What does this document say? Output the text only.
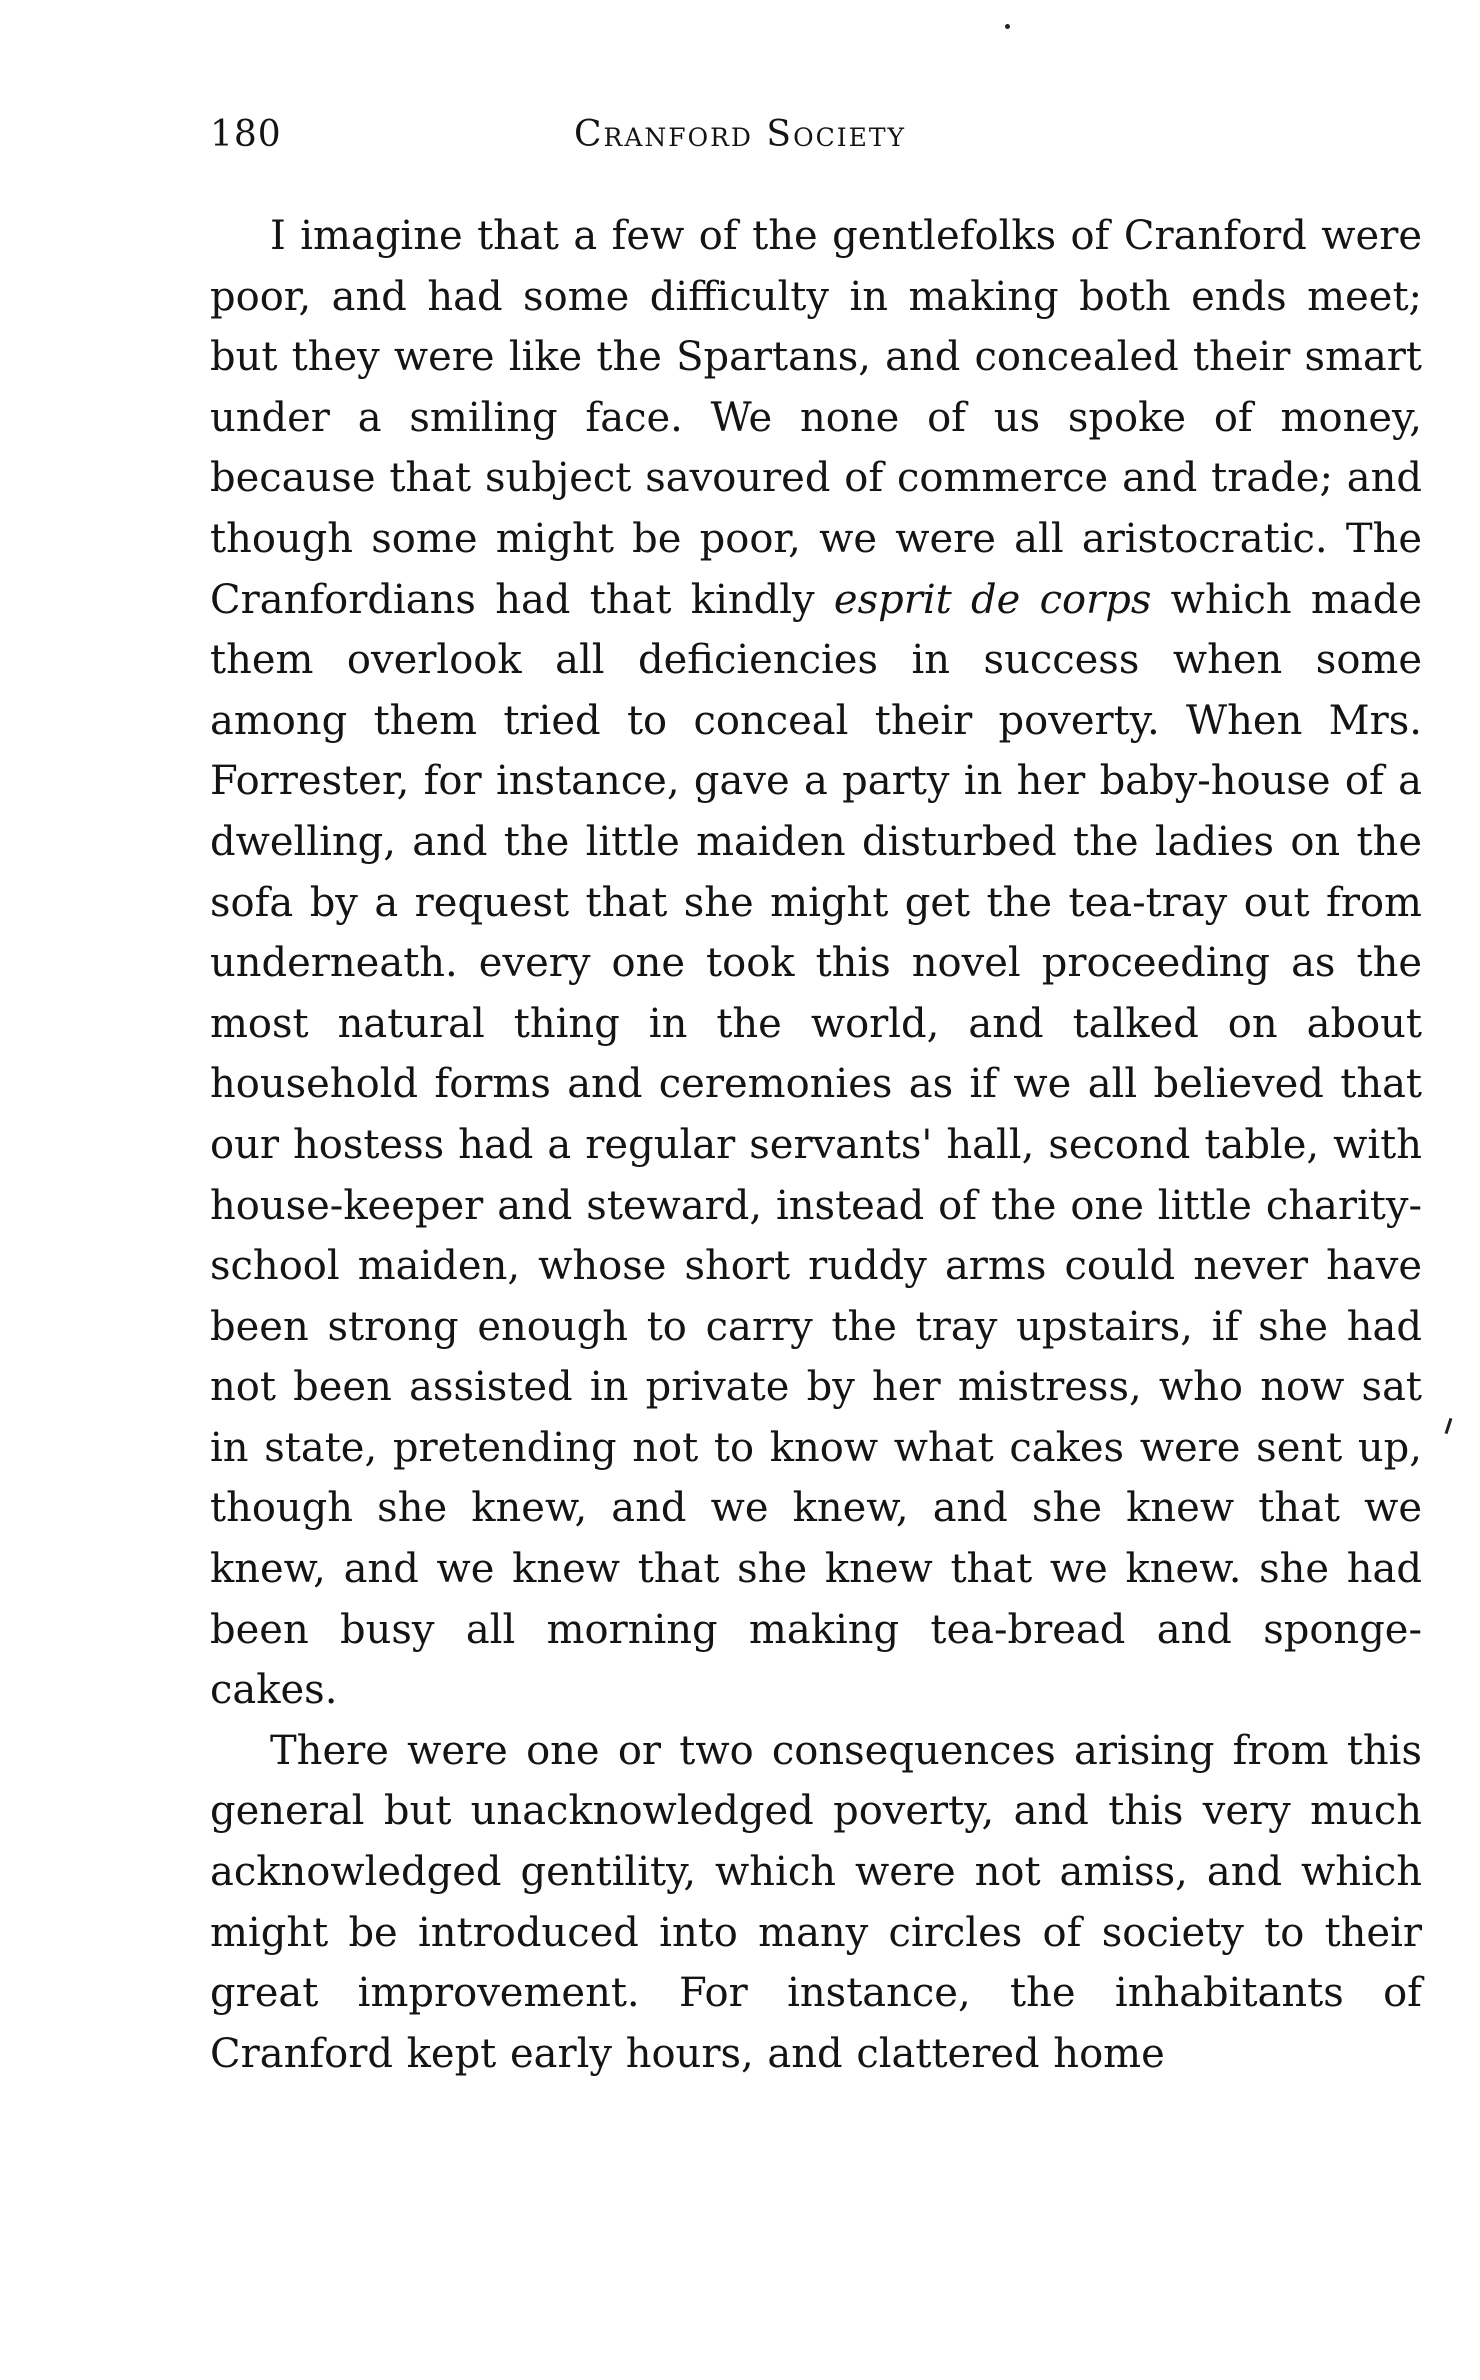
180	Cranford Society

I imagine that a few of the gentlefolks of Cranford were poor, and had some difficulty in making both ends meet; but they were like the Spartans, and concealed their smart under a smiling face. We none of us spoke of money, because that subject savoured of commerce and trade; and though some might be poor, we were all aristocratic. The Cranfordians had that kindly esprit de corps which made them overlook all deficiencies in success when some among them tried to conceal their poverty. When Mrs. Forrester, for instance, gave a party in her baby-house of a dwelling, and the little maiden disturbed the ladies on the sofa by a request that she might get the tea-tray out from underneath. every one took this novel proceeding as the most natural thing in the world, and talked on about household forms and ceremonies as if we all believed that our hostess had a regular servants' hall, second table, with house-keeper and steward, instead of the one little charity-school maiden, whose short ruddy arms could never have been strong enough to carry the tray upstairs, if she had not been assisted in private by her mistress, who now sat in state, pretending not to know what cakes were sent up, though she knew, and we knew, and she knew that we knew, and we knew that she knew that we knew. she had been busy all morning making tea-bread and sponge-cakes.

There were one or two consequences arising from this general but unacknowledged poverty, and this very much acknowledged gentility, which were not amiss, and which might be introduced into many circles of society to their great improvement. For instance, the inhabitants of Cranford kept early hours, and clattered home
